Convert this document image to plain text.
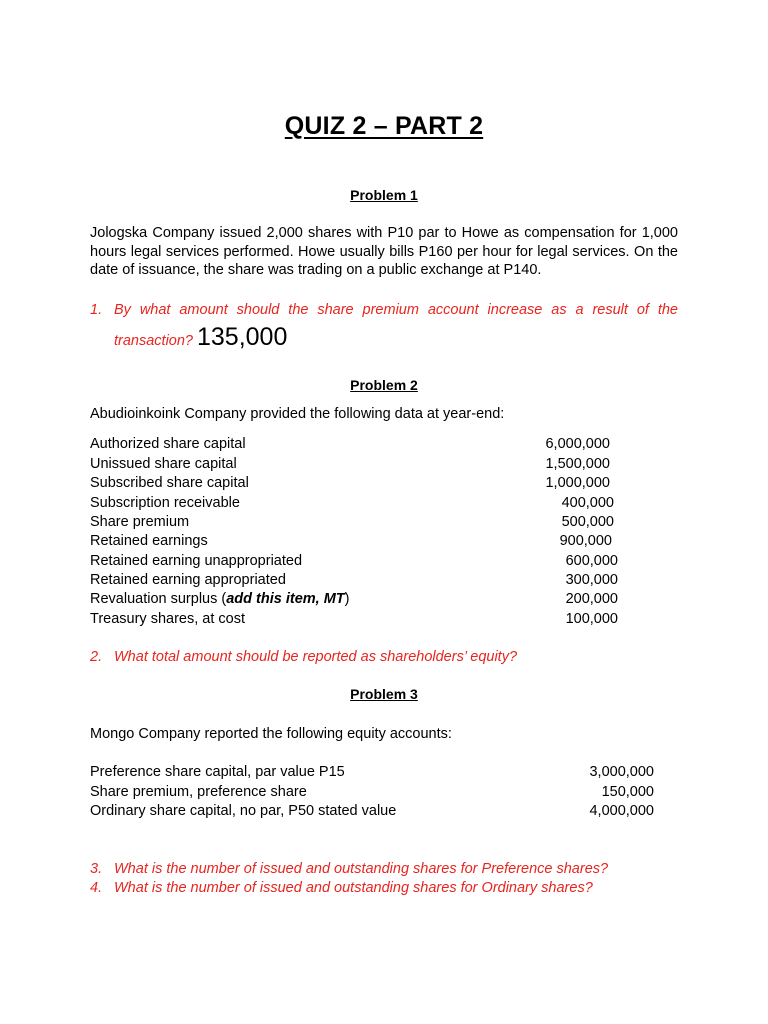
QUIZ 2 – PART 2
Problem 1
Jologska Company issued 2,000 shares with P10 par to Howe as compensation for 1,000 hours legal services performed. Howe usually bills P160 per hour for legal services. On the date of issuance, the share was trading on a public exchange at P140.
1. By what amount should the share premium account increase as a result of the
transaction? 135,000
Problem 2
Abudioinkoink Company provided the following data at year-end:
Authorized share capital	6,000,000
Unissued share capital	1,500,000
Subscribed share capital	1,000,000
Subscription receivable	400,000
Share premium	500,000
Retained earnings	900,000
Retained earning unappropriated	600,000
Retained earning appropriated	300,000
Revaluation surplus (add this item, MT)	200,000
Treasury shares, at cost	100,000
2. What total amount should be reported as shareholders’ equity?
Problem 3
Mongo Company reported the following equity accounts:
Preference share capital, par value P15	3,000,000
Share premium, preference share	150,000
Ordinary share capital, no par, P50 stated value	4,000,000
3. What is the number of issued and outstanding shares for Preference shares?
4. What is the number of issued and outstanding shares for Ordinary shares?
